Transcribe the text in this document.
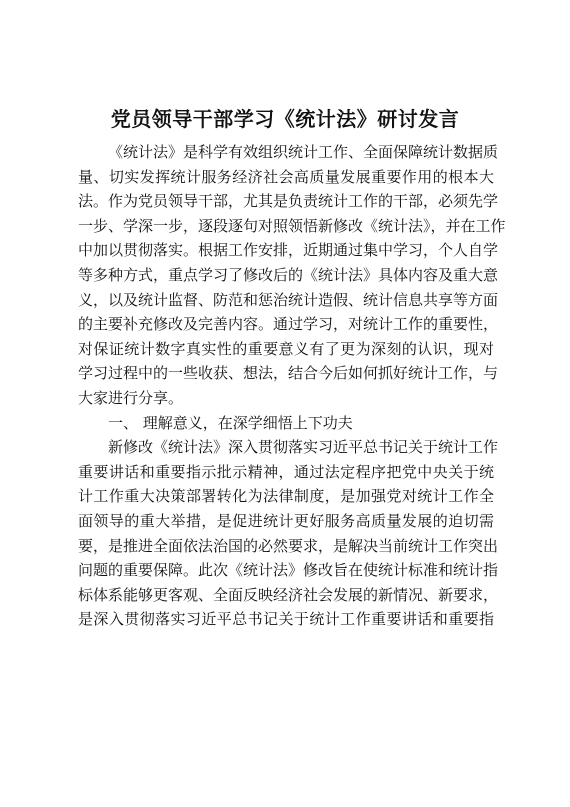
党员领导干部学习《统计法》研讨发言
《统计法》是科学有效组织统计工作、全面保障统计数据质
量、切实发挥统计服务经济社会高质量发展重要作用的根本大
法。作为党员领导干部，尤其是负责统计工作的干部，必须先学
一步、学深一步，逐段逐句对照领悟新修改《统计法》，并在工作
中加以贯彻落实。根据工作安排，近期通过集中学习，个人自学
等多种方式，重点学习了修改后的《统计法》具体内容及重大意
义，以及统计监督、防范和惩治统计造假、统计信息共享等方面
的主要补充修改及完善内容。通过学习，对统计工作的重要性，
对保证统计数字真实性的重要意义有了更为深刻的认识，现对
学习过程中的一些收获、想法，结合今后如何抓好统计工作，与
大家进行分享。
一、 理解意义，在深学细悟上下功夫
新修改《统计法》深入贯彻落实习近平总书记关于统计工作
重要讲话和重要指示批示精神，通过法定程序把党中央关于统
计工作重大决策部署转化为法律制度，是加强党对统计工作全
面领导的重大举措，是促进统计更好服务高质量发展的迫切需
要，是推进全面依法治国的必然要求，是解决当前统计工作突出
问题的重要保障。此次《统计法》修改旨在使统计标准和统计指
标体系能够更客观、全面反映经济社会发展的新情况、新要求，
是深入贯彻落实习近平总书记关于统计工作重要讲话和重要指
